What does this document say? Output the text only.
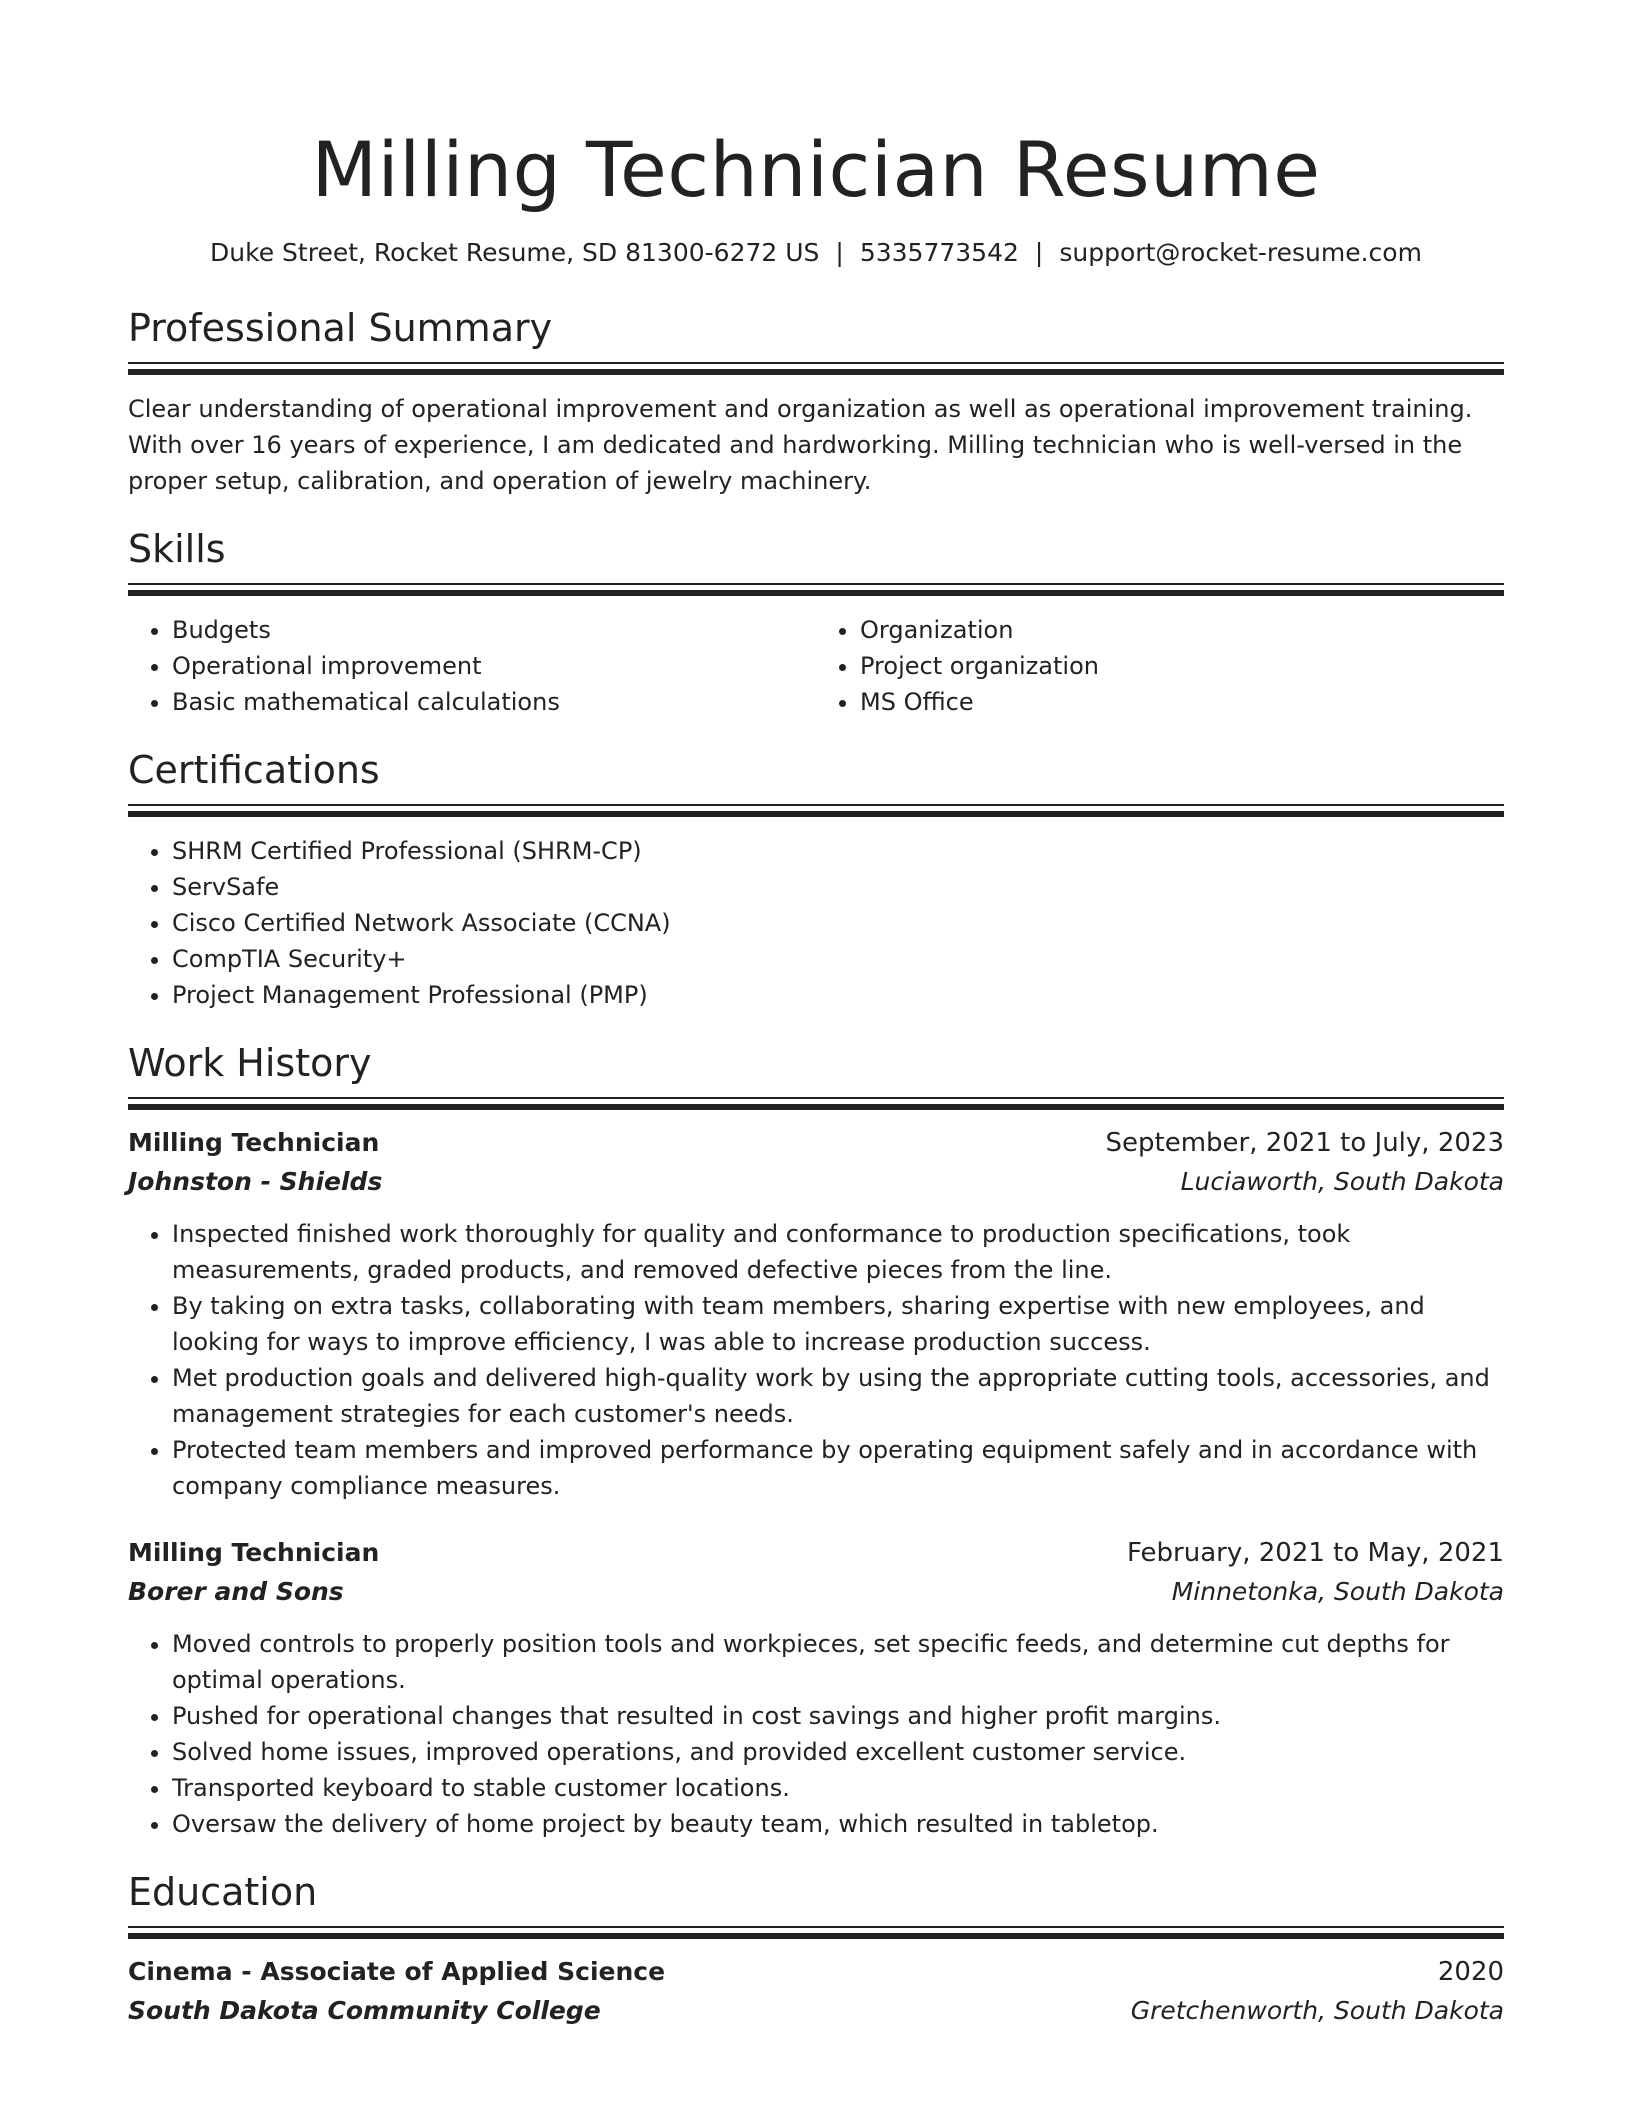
Milling Technician Resume
Duke Street, Rocket Resume, SD 81300-6272 US | 5335773542 | support@rocket-resume.com
Professional Summary

Clear understanding of operational improvement and organization as well as operational improvement training. With over 16 years of experience, I am dedicated and hardworking. Milling technician who is well-versed in the proper setup, calibration, and operation of jewelry machinery.

Skills
• Budgets
• Operational improvement
• Basic mathematical calculations
• Organization
• Project organization
• MS Office
Certifications
• SHRM Certified Professional (SHRM-CP)
• ServSafe
• Cisco Certified Network Associate (CCNA)
• CompTIA Security+
• Project Management Professional (PMP)
Work History
Milling Technician	September, 2021 to July, 2023
Johnston - Shields	Luciaworth, South Dakota
• Inspected finished work thoroughly for quality and conformance to production specifications, took measurements, graded products, and removed defective pieces from the line.
• By taking on extra tasks, collaborating with team members, sharing expertise with new employees, and looking for ways to improve efficiency, I was able to increase production success.
• Met production goals and delivered high-quality work by using the appropriate cutting tools, accessories, and management strategies for each customer's needs.
• Protected team members and improved performance by operating equipment safely and in accordance with company compliance measures.
Milling Technician	February, 2021 to May, 2021
Borer and Sons	Minnetonka, South Dakota
• Moved controls to properly position tools and workpieces, set specific feeds, and determine cut depths for optimal operations.
• Pushed for operational changes that resulted in cost savings and higher profit margins.
• Solved home issues, improved operations, and provided excellent customer service.
• Transported keyboard to stable customer locations.
• Oversaw the delivery of home project by beauty team, which resulted in tabletop.
Education
Cinema - Associate of Applied Science	2020
South Dakota Community College	Gretchenworth, South Dakota
